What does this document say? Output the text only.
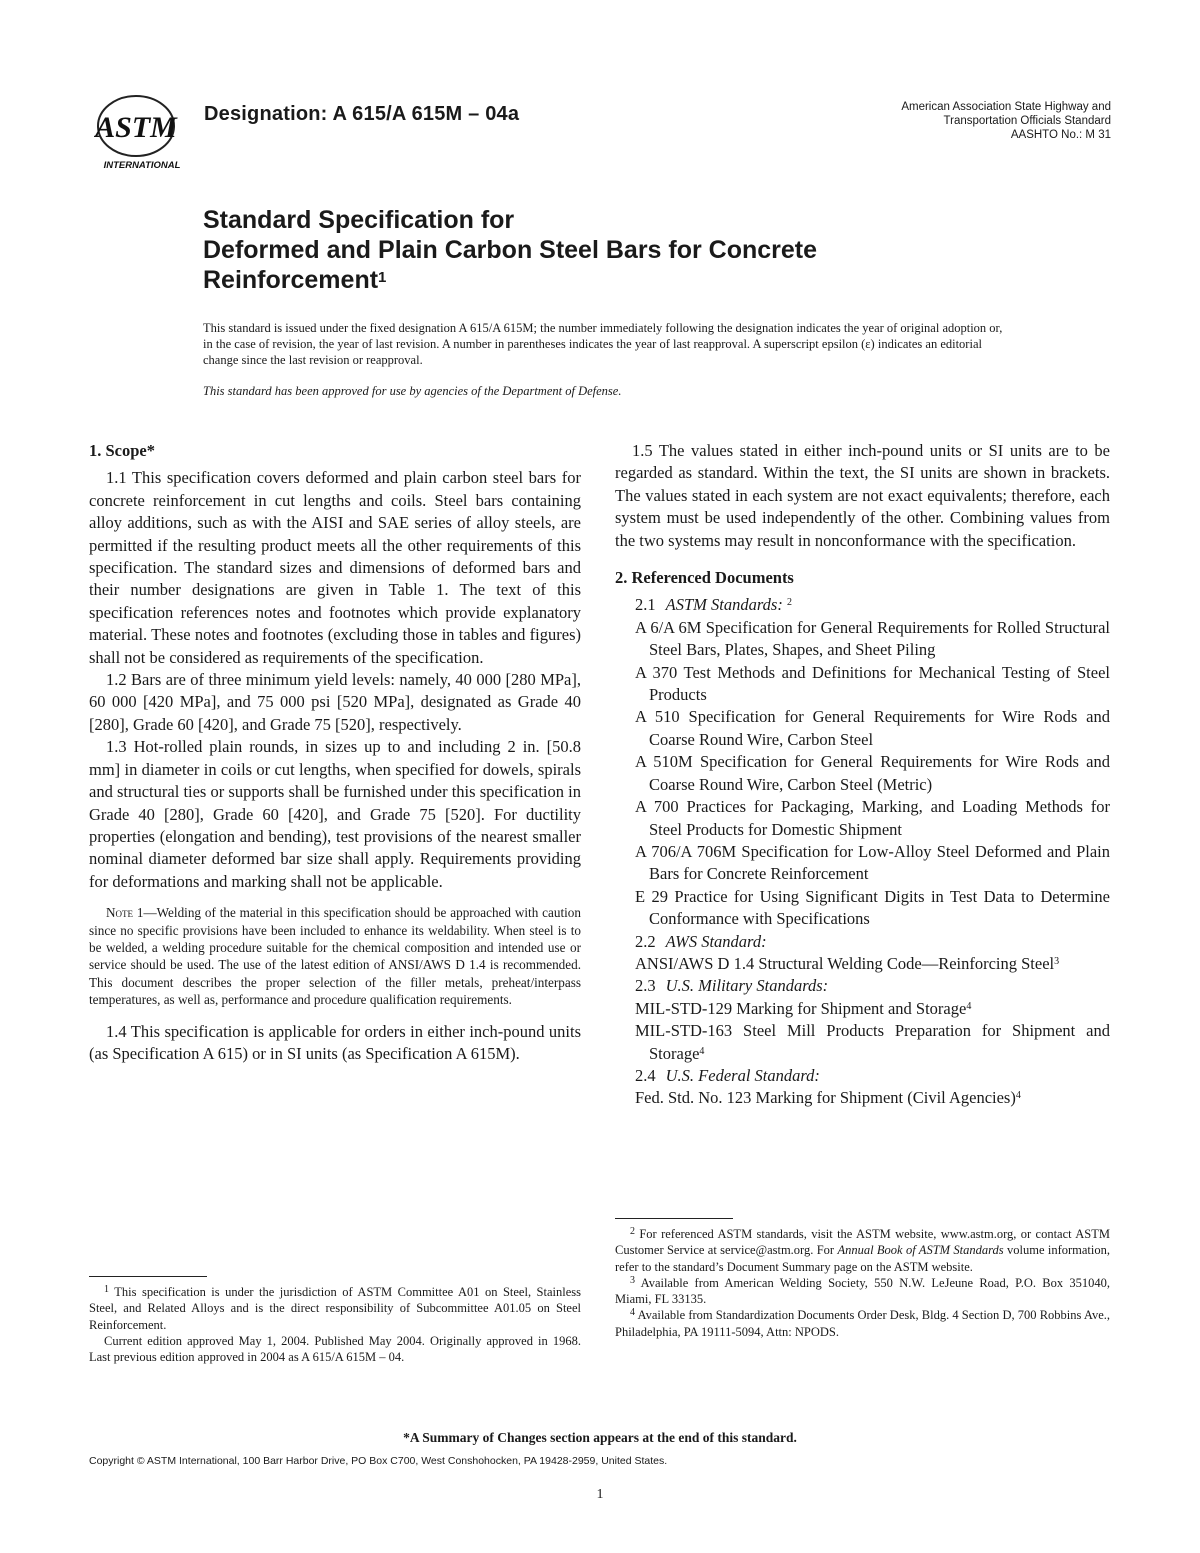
ASTM
INTERNATIONAL
Designation: A 615/A 615M – 04a	American Association State Highway and
Transportation Officials Standard
AASHTO No.: M 31
Standard Specification for
Deformed and Plain Carbon Steel Bars for Concrete
Reinforcement$^1$
This standard is issued under the fixed designation A 615/A 615M; the number immediately following the designation indicates the year of original adoption or, in the case of revision, the year of last revision. A number in parentheses indicates the year of last reapproval. A superscript epsilon (ε) indicates an editorial change since the last revision or reapproval.
This standard has been approved for use by agencies of the Department of Defense.
1. Scope*

1.1 This specification covers deformed and plain carbon steel bars for concrete reinforcement in cut lengths and coils. Steel bars containing alloy additions, such as with the AISI and SAE series of alloy steels, are permitted if the resulting product meets all the other requirements of this specification. The standard sizes and dimensions of deformed bars and their number designations are given in Table 1. The text of this specification references notes and footnotes which provide explanatory material. These notes and footnotes (excluding those in tables and figures) shall not be considered as requirements of the specification.

1.2 Bars are of three minimum yield levels: namely, 40 000 [280 MPa], 60 000 [420 MPa], and 75 000 psi [520 MPa], designated as Grade 40 [280], Grade 60 [420], and Grade 75 [520], respectively.

1.3 Hot-rolled plain rounds, in sizes up to and including 2 in. [50.8 mm] in diameter in coils or cut lengths, when specified for dowels, spirals and structural ties or supports shall be furnished under this specification in Grade 40 [280], Grade 60 [420], and Grade 75 [520]. For ductility properties (elongation and bending), test provisions of the nearest smaller nominal diameter deformed bar size shall apply. Requirements providing for deformations and marking shall not be applicable.

Note 1—Welding of the material in this specification should be approached with caution since no specific provisions have been included to enhance its weldability. When steel is to be welded, a welding procedure suitable for the chemical composition and intended use or service should be used. The use of the latest edition of ANSI/AWS D 1.4 is recommended. This document describes the proper selection of the filler metals, preheat/interpass temperatures, as well as, performance and procedure qualification requirements.

1.4 This specification is applicable for orders in either inch-pound units (as Specification A 615) or in SI units (as Specification A 615M).

1.5 The values stated in either inch-pound units or SI units are to be regarded as standard. Within the text, the SI units are shown in brackets. The values stated in each system are not exact equivalents; therefore, each system must be used independently of the other. Combining values from the two systems may result in nonconformance with the specification.

2. Referenced Documents

2.1 ASTM Standards: $^2$

A 6/A 6M Specification for General Requirements for Rolled Structural Steel Bars, Plates, Shapes, and Sheet Piling

A 370 Test Methods and Definitions for Mechanical Testing of Steel Products

A 510 Specification for General Requirements for Wire Rods and Coarse Round Wire, Carbon Steel

A 510M Specification for General Requirements for Wire Rods and Coarse Round Wire, Carbon Steel (Metric)

A 700 Practices for Packaging, Marking, and Loading Methods for Steel Products for Domestic Shipment

A 706/A 706M Specification for Low-Alloy Steel Deformed and Plain Bars for Concrete Reinforcement

E 29 Practice for Using Significant Digits in Test Data to Determine Conformance with Specifications

2.2 AWS Standard:

ANSI/AWS D 1.4 Structural Welding Code—Reinforcing Steel$^3$

2.3 U.S. Military Standards:

MIL-STD-129 Marking for Shipment and Storage$^4$

MIL-STD-163 Steel Mill Products Preparation for Shipment and Storage$^4$

2.4 U.S. Federal Standard:

Fed. Std. No. 123 Marking for Shipment (Civil Agencies)$^4$

$^1$ This specification is under the jurisdiction of ASTM Committee A01 on Steel, Stainless Steel, and Related Alloys and is the direct responsibility of Subcommittee A01.05 on Steel Reinforcement.

Current edition approved May 1, 2004. Published May 2004. Originally approved in 1968. Last previous edition approved in 2004 as A 615/A 615M – 04.

$^2$ For referenced ASTM standards, visit the ASTM website, www.astm.org, or contact ASTM Customer Service at service@astm.org. For Annual Book of ASTM Standards volume information, refer to the standard’s Document Summary page on the ASTM website.

$^3$ Available from American Welding Society, 550 N.W. LeJeune Road, P.O. Box 351040, Miami, FL 33135.

$^4$ Available from Standardization Documents Order Desk, Bldg. 4 Section D, 700 Robbins Ave., Philadelphia, PA 19111-5094, Attn: NPODS.

*A Summary of Changes section appears at the end of this standard.
Copyright © ASTM International, 100 Barr Harbor Drive, PO Box C700, West Conshohocken, PA 19428-2959, United States.
1
